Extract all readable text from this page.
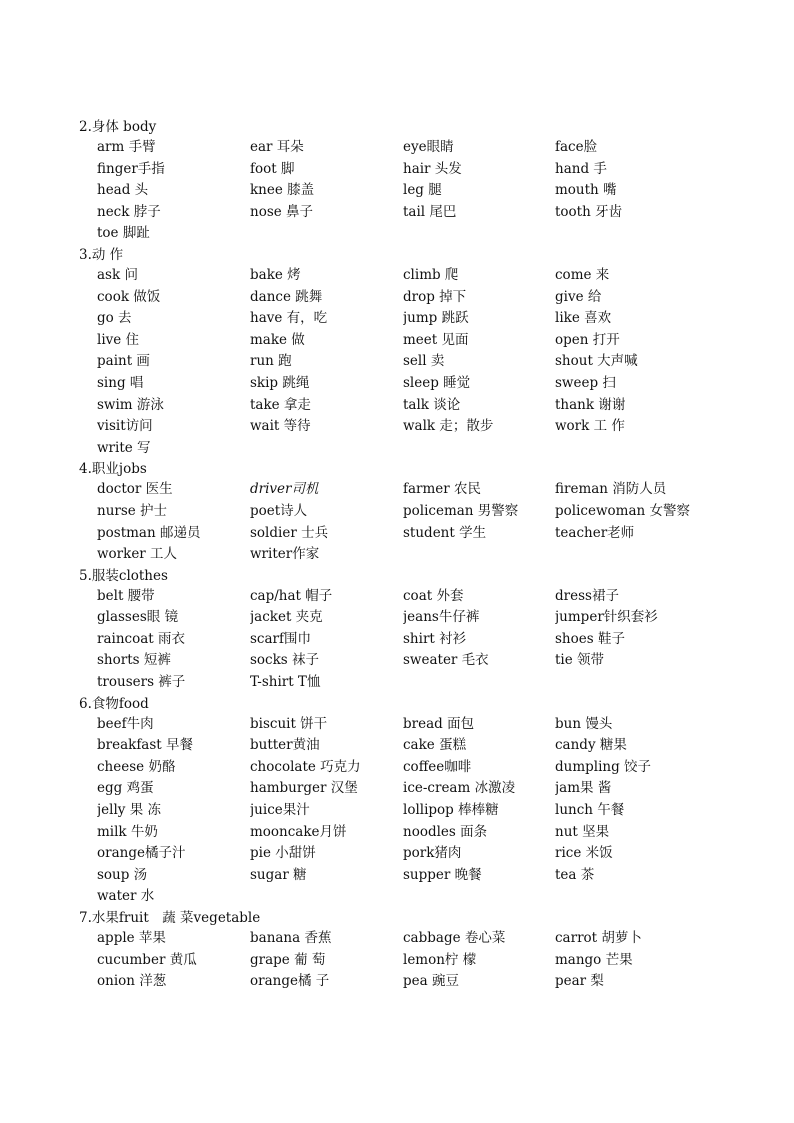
2.身体 body
arm 手臂	ear 耳朵	eye眼睛	face脸
finger手指	foot 脚	hair 头发	hand 手
head 头	knee 膝盖	leg 腿	mouth 嘴
neck 脖子	nose 鼻子	tail 尾巴	tooth 牙齿
toe 脚趾
3.动 作
ask 问	bake 烤	climb 爬	come 来
cook 做饭	dance 跳舞	drop 掉下	give 给
go 去	have 有，吃	jump 跳跃	like 喜欢
live 住	make 做	meet 见面	open 打开
paint 画	run 跑	sell 卖	shout 大声喊
sing 唱	skip 跳绳	sleep 睡觉	sweep 扫
swim 游泳	take 拿走	talk 谈论	thank 谢谢
visit访问	wait 等待	walk 走；散步	work 工 作
write 写
4.职业jobs
doctor 医生	driver司机	farmer 农民	fireman 消防人员
nurse 护士	poet诗人	policeman 男警察	policewoman 女警察
postman 邮递员	soldier 士兵	student 学生	teacher老师
worker 工人	writer作家
5.服装clothes
belt 腰带	cap/hat 帽子	coat 外套	dress裙子
glasses眼 镜	jacket 夹克	jeans牛仔裤	jumper针织套衫
raincoat 雨衣	scarf围巾	shirt 衬衫	shoes 鞋子
shorts 短裤	socks 袜子	sweater 毛衣	tie 领带
trousers 裤子	T-shirt T恤
6.食物food
beef牛肉	biscuit 饼干	bread 面包	bun 馒头
breakfast 早餐	butter黄油	cake 蛋糕	candy 糖果
cheese 奶酪	chocolate 巧克力	coffee咖啡	dumpling 饺子
egg 鸡蛋	hamburger 汉堡	ice-cream 冰激凌	jam果 酱
jelly 果 冻	juice果汁	lollipop 棒棒糖	lunch 午餐
milk 牛奶	mooncake月饼	noodles 面条	nut 坚果
orange橘子汁	pie 小甜饼	pork猪肉	rice 米饭
soup 汤	sugar 糖	supper 晚餐	tea 茶
water 水
7.水果fruit　蔬 菜vegetable
apple 苹果	banana 香蕉	cabbage 卷心菜	carrot 胡萝卜
cucumber 黄瓜	grape 葡 萄	lemon柠 檬	mango 芒果
onion 洋葱	orange橘 子	pea 豌豆	pear 梨
